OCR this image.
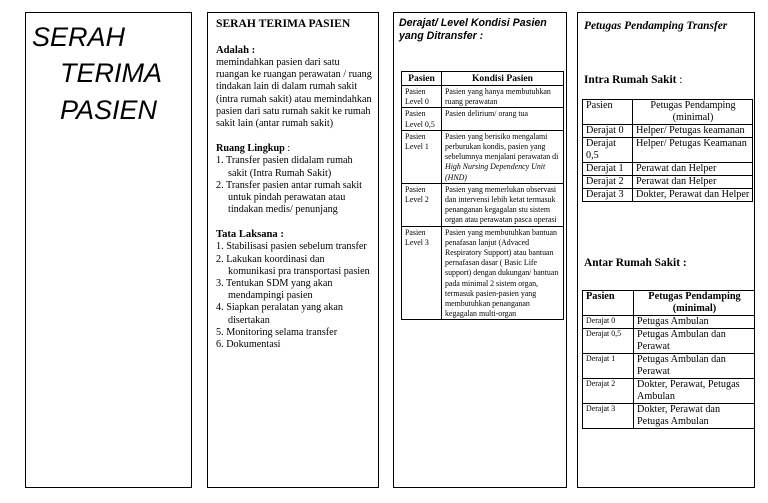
SERAH
TERIMA
PASIEN
SERAH TERIMA PASIEN
Adalah :
memindahkan pasien dari satu ruangan ke ruangan perawatan / ruang tindakan lain di dalam rumah sakit (intra rumah sakit) atau memindahkan pasien dari satu rumah sakit ke rumah sakit lain (antar rumah sakit)
Ruang Lingkup :
1. Transfer pasien didalam rumah sakit (Intra Rumah Sakit)
2. Transfer pasien antar rumah sakit untuk pindah perawatan atau tindakan medis/ penunjang
Tata Laksana :
1. Stabilisasi pasien sebelum transfer
2. Lakukan koordinasi dan komunikasi pra transportasi pasien
3. Tentukan SDM yang akan mendampingi pasien
4. Siapkan peralatan yang akan disertakan
5. Monitoring selama transfer
6. Dokumentasi
Derajat/ Level Kondisi Pasien yang Ditransfer :
Pasien	Kondisi Pasien
Pasien Level 0	Pasien yang hanya membutuhkan ruang perawatan
Pasien Level 0,5	Pasien delirium/ orang tua
Pasien Level 1	Pasien yang berisiko mengalami perburukan kondis, pasien yang sebelumnya menjalani perawatan di High Nursing Dependency Unit (HND)
Pasien Level 2	Pasien yang memerlukan observasi dan intervensi lebih ketat termasuk penanganan kegagalan stu sistem organ atau perawatan pasca operasi
Pasien Level 3	Pasien yang membutuhkan bantuan penafasan lanjut (Advaced Respiratory Support) atau bantuan pernafasan dasar ( Basic Life support) dengan dukungan/ bantuan pada minimal 2 sistem organ, termasuk pasien-pasien yang membutuhkan penanganan kegagalan multi-organ
Petugas Pendamping Transfer
Intra Rumah Sakit :
Pasien	Petugas Pendamping (minimal)
Derajat 0	Helper/ Petugas keamanan
Derajat 0,5	Helper/ Petugas Keamanan
Derajat 1	Perawat dan Helper
Derajat 2	Perawat dan Helper
Derajat 3	Dokter, Perawat dan Helper
Antar Rumah Sakit :
Pasien	Petugas Pendamping (minimal)
Derajat 0	Petugas Ambulan
Derajat 0,5	Petugas Ambulan dan Perawat
Derajat 1	Petugas Ambulan dan Perawat
Derajat 2	Dokter, Perawat, Petugas Ambulan
Derajat 3	Dokter, Perawat dan Petugas Ambulan
